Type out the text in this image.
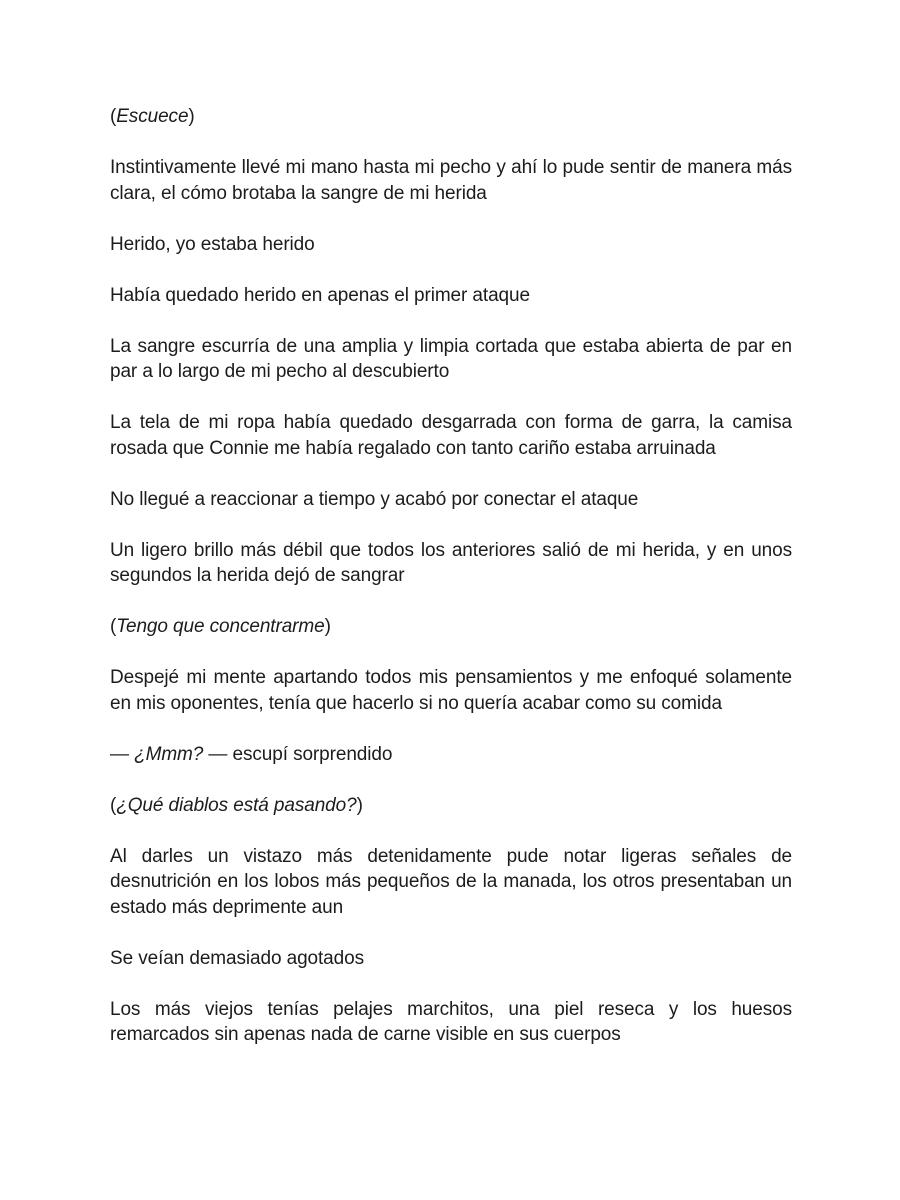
(Escuece)

Instintivamente llevé mi mano hasta mi pecho y ahí lo pude sentir de manera más clara, el cómo brotaba la sangre de mi herida

Herido, yo estaba herido

Había quedado herido en apenas el primer ataque

La sangre escurría de una amplia y limpia cortada que estaba abierta de par en par a lo largo de mi pecho al descubierto

La tela de mi ropa había quedado desgarrada con forma de garra, la camisa rosada que Connie me había regalado con tanto cariño estaba arruinada

No llegué a reaccionar a tiempo y acabó por conectar el ataque

Un ligero brillo más débil que todos los anteriores salió de mi herida, y en unos segundos la herida dejó de sangrar

(Tengo que concentrarme)

Despejé mi mente apartando todos mis pensamientos y me enfoqué solamente en mis oponentes, tenía que hacerlo si no quería acabar como su comida

— ¿Mmm? — escupí sorprendido

(¿Qué diablos está pasando?)

Al darles un vistazo más detenidamente pude notar ligeras señales de desnutrición en los lobos más pequeños de la manada, los otros presentaban un estado más deprimente aun

Se veían demasiado agotados

Los más viejos tenías pelajes marchitos, una piel reseca y los huesos remarcados sin apenas nada de carne visible en sus cuerpos
